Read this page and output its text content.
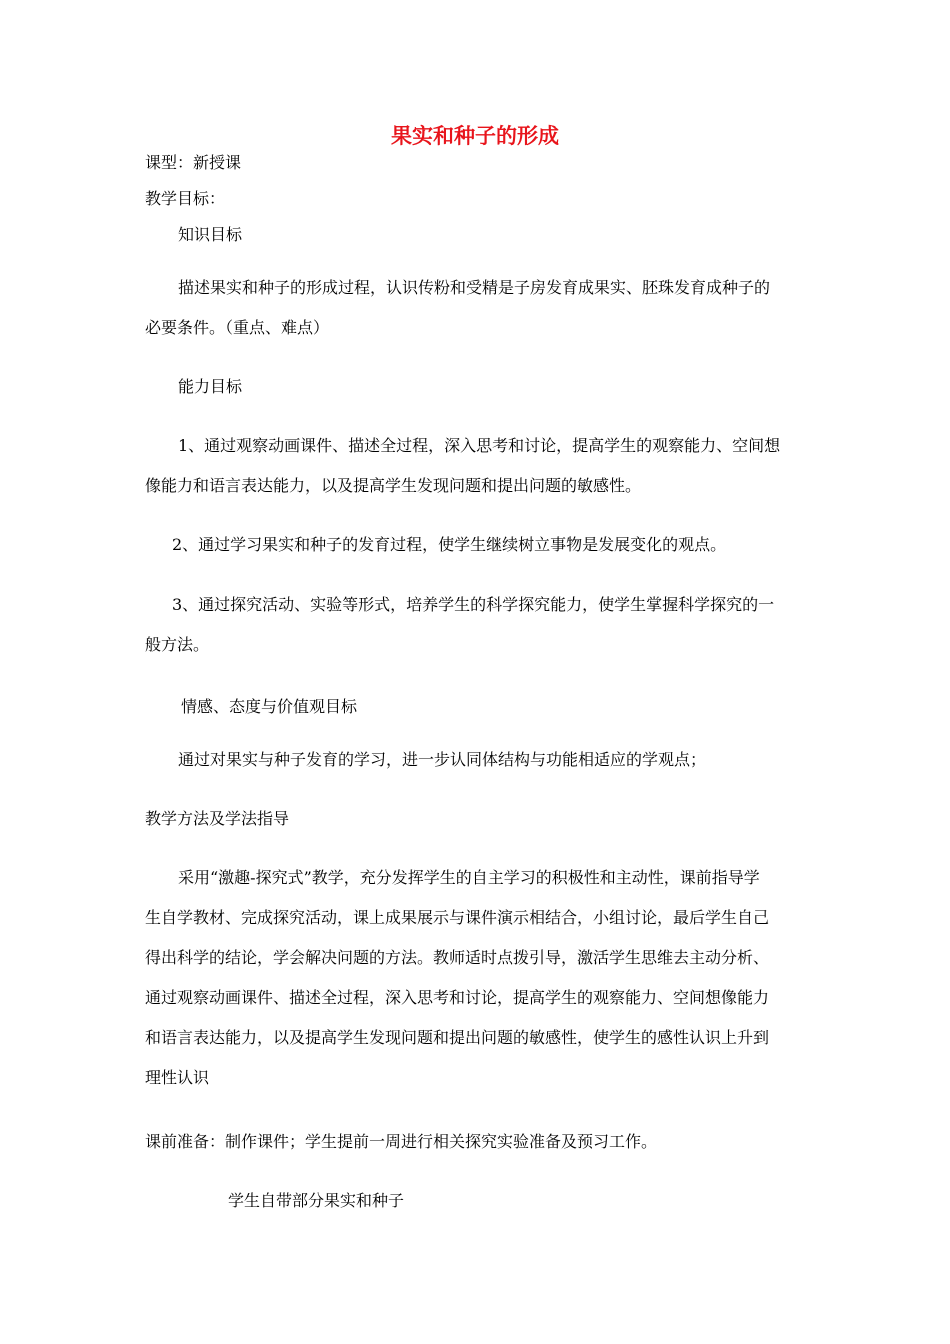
果实和种子的形成
课型：新授课
教学目标：
知识目标
描述果实和种子的形成过程，认识传粉和受精是子房发育成果实、胚珠发育成种子的
必要条件。（重点、难点）
能力目标
1、通过观察动画课件、描述全过程，深入思考和讨论，提高学生的观察能力、空间想
像能力和语言表达能力，以及提高学生发现问题和提出问题的敏感性。
2、通过学习果实和种子的发育过程，使学生继续树立事物是发展变化的观点。
3、通过探究活动、实验等形式，培养学生的科学探究能力，使学生掌握科学探究的一
般方法。
情感、态度与价值观目标
通过对果实与种子发育的学习，进一步认同体结构与功能相适应的学观点；
教学方法及学法指导
采用“激趣-探究式”教学，充分发挥学生的自主学习的积极性和主动性，课前指导学
生自学教材、完成探究活动，课上成果展示与课件演示相结合，小组讨论，最后学生自己
得出科学的结论，学会解决问题的方法。教师适时点拨引导，激活学生思维去主动分析、
通过观察动画课件、描述全过程，深入思考和讨论，提高学生的观察能力、空间想像能力
和语言表达能力，以及提高学生发现问题和提出问题的敏感性，使学生的感性认识上升到
理性认识
课前准备：制作课件；学生提前一周进行相关探究实验准备及预习工作。
学生自带部分果实和种子
